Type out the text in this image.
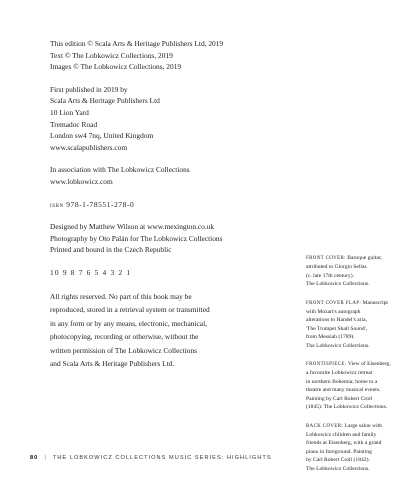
This edition © Scala Arts & Heritage Publishers Ltd, 2019
Text © The Lobkowicz Collections, 2019
Images © The Lobkowicz Collections, 2019

First published in 2019 by
Scala Arts & Heritage Publishers Ltd
10 Lion Yard
Tremadoc Road
London sw4 7nq, United Kingdom
www.scalapublishers.com

In association with The Lobkowicz Collections
www.lobkowicz.com

isbn 978-1-78551-278-0

Designed by Matthew Wilson at www.mexington.co.uk
Photography by Oto Palán for The Lobkowicz Collections
Printed and bound in the Czech Republic

10 9 8 7 6 5 4 3 2 1

All rights reserved. No part of this book may be
reproduced, stored in a retrieval system or transmitted
in any form or by any means, electronic, mechanical,
photocopying, recording or otherwise, without the
written permission of The Lobkowicz Collections
and Scala Arts & Heritage Publishers Ltd.

FRONT COVER: Baroque guitar,
attributed to Giorgio Sellas
(c. late 17th century).
The Lobkowicz Collections.
FRONT COVER FLAP: Manuscript
with Mozart's autograph
alterations to Handel's aria,
'The Trumpet Shall Sound',
from Messiah (1789).
The Lobkowicz Collections.
FRONTISPIECE: View of Eisenberg,
a favourite Lobkowicz retreat
in northern Bohemia; home to a
theatre and many musical events.
Painting by Carl Robert Croll
(1845). The Lobkowicz Collections.
BACK COVER: Large salon with
Lobkowicz children and family
friends at Eisenberg, with a grand
piano in foreground. Painting
by Carl Robert Croll (1842).
The Lobkowicz Collections.
80 | THE LOBKOWICZ COLLECTIONS MUSIC SERIES: HIGHLIGHTS
